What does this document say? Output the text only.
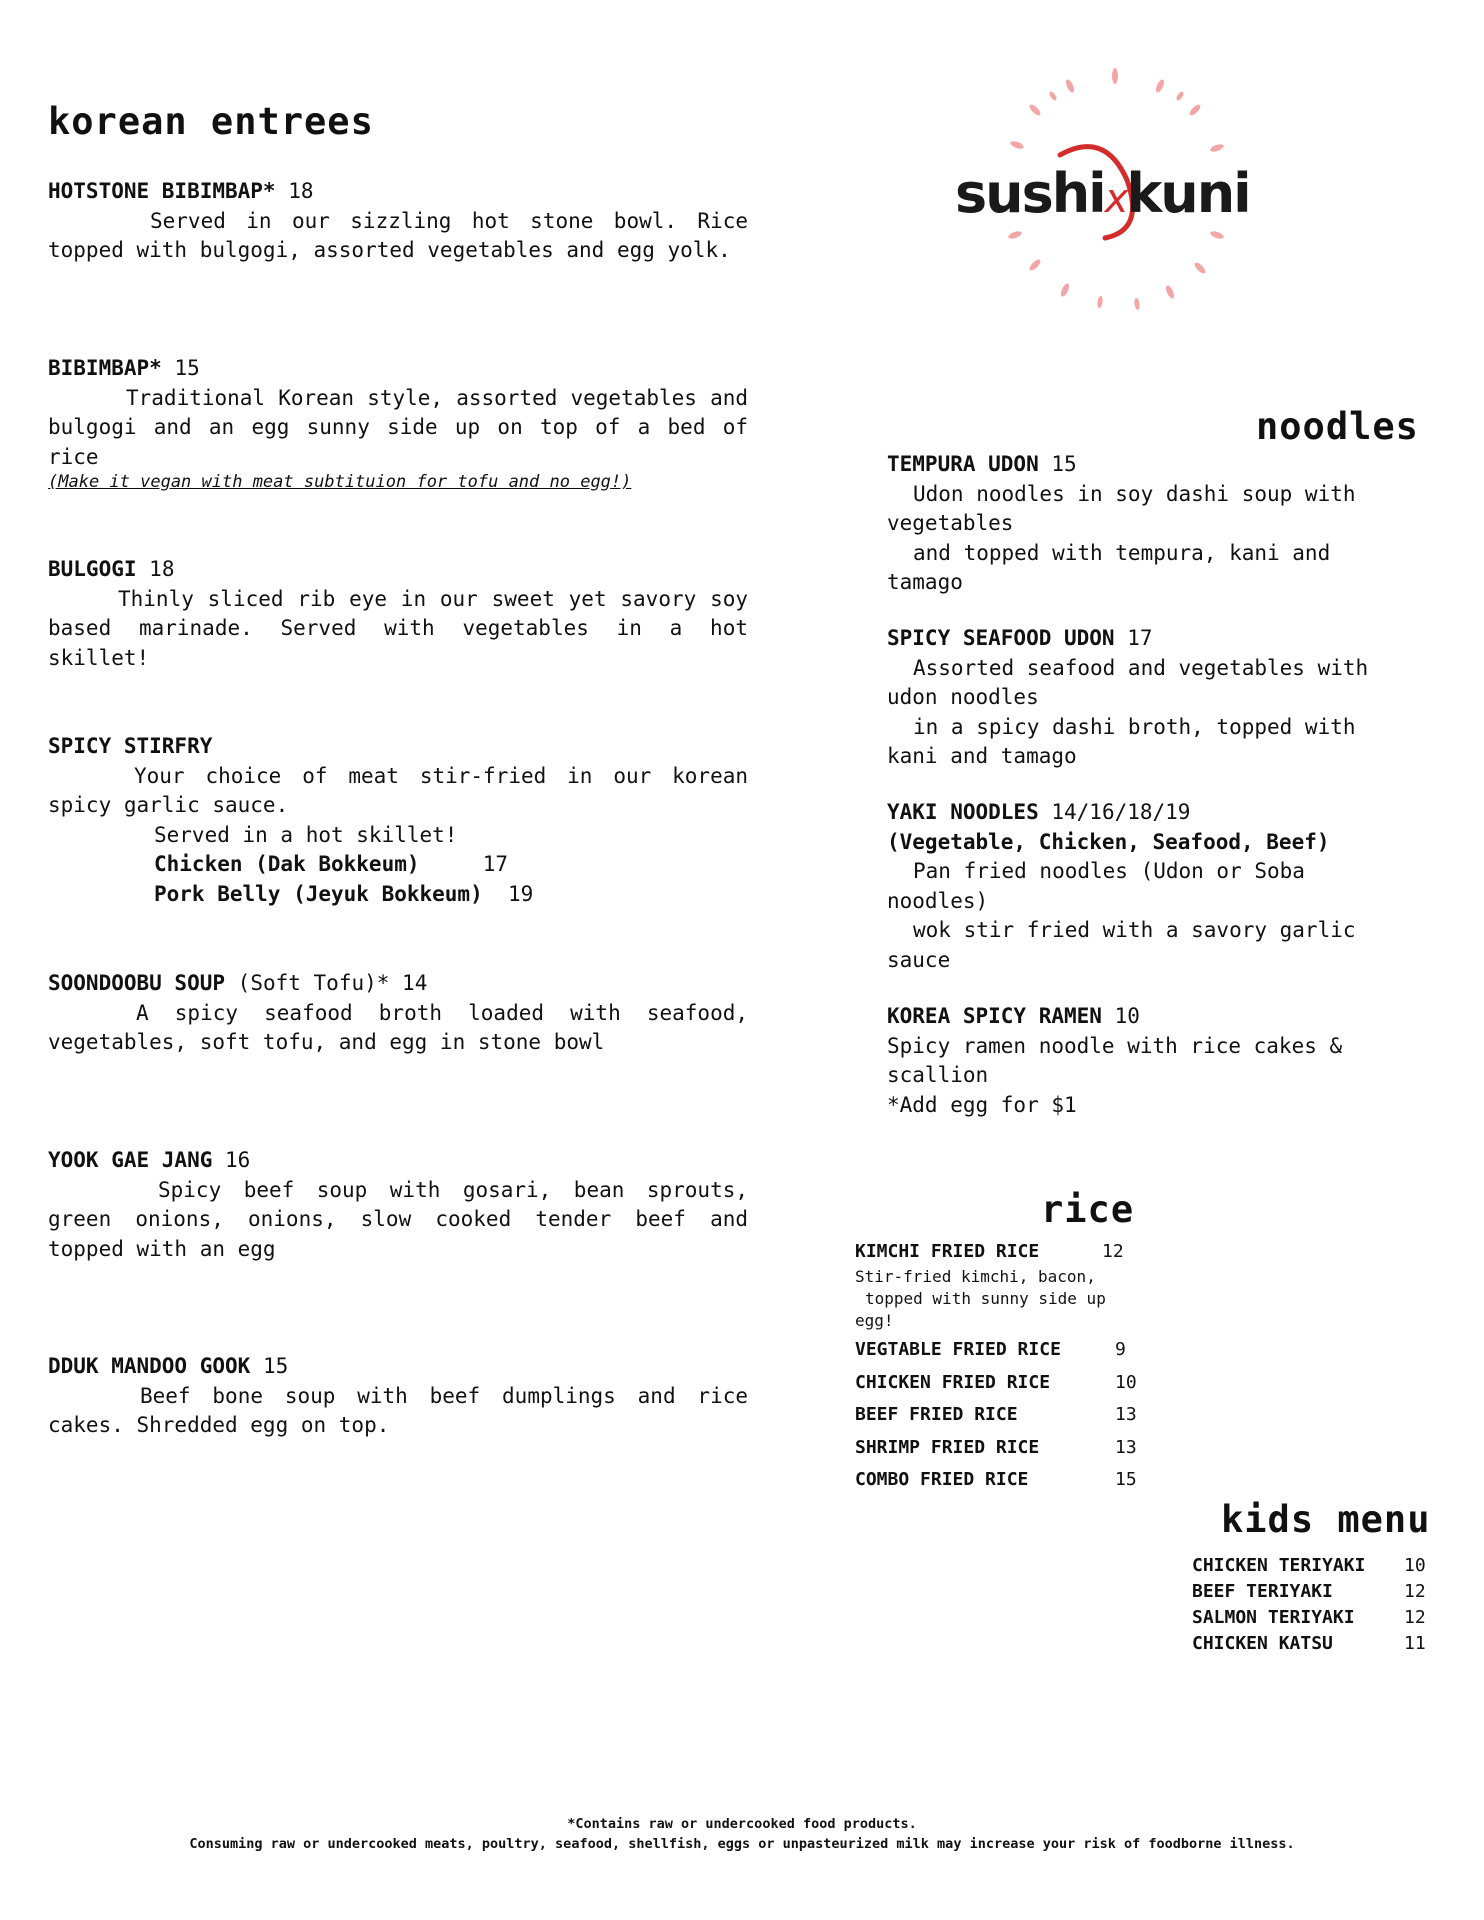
sushixkuni
korean entrees
HOTSTONE BIBIMBAP* 18

Served in our sizzling hot stone bowl. Rice topped with bulgogi, assorted vegetables and egg yolk.

BIBIMBAP* 15

Traditional Korean style, assorted vegetables and bulgogi and an egg sunny side up on top of a bed of rice

(Make it vegan with meat subtituion for tofu and no egg!)
BULGOGI 18

Thinly sliced rib eye in our sweet yet savory soy based marinade. Served with vegetables in a hot skillet!

SPICY STIRFRY

Your choice of meat stir-fried in our korean spicy garlic sauce.

Served in a hot skillet!
Chicken (Dak Bokkeum)	17
Pork Belly (Jeyuk Bokkeum) 19
SOONDOOBU SOUP (Soft Tofu)* 14

A spicy seafood broth loaded with seafood, vegetables, soft tofu, and egg in stone bowl

YOOK GAE JANG 16

Spicy beef soup with gosari, bean sprouts, green onions, onions, slow cooked tender beef and topped with an egg

DDUK MANDOO GOOK 15

Beef bone soup with beef dumplings and rice cakes. Shredded egg on top.

noodles
TEMPURA UDON 15
Udon noodles in soy dashi soup with
vegetables
and topped with tempura, kani and
tamago
SPICY SEAFOOD UDON 17
Assorted seafood and vegetables with
udon noodles
in a spicy dashi broth, topped with
kani and tamago
YAKI NOODLES 14/16/18/19
(Vegetable, Chicken, Seafood, Beef)
Pan fried noodles (Udon or Soba
noodles)
wok stir fried with a savory garlic
sauce
KOREA SPICY RAMEN 10
Spicy ramen noodle with rice cakes &
scallion
*Add egg for $1
rice
KIMCHI FRIED RICE	12
Stir-fried kimchi, bacon,
topped with sunny side up
egg!
VEGTABLE FRIED RICE	9
CHICKEN FRIED RICE	10
BEEF FRIED RICE	13
SHRIMP FRIED RICE	13
COMBO FRIED RICE	15
kids menu
CHICKEN TERIYAKI	10
BEEF TERIYAKI	12
SALMON TERIYAKI	12
CHICKEN KATSU	11
*Contains raw or undercooked food products.
Consuming raw or undercooked meats, poultry, seafood, shellfish, eggs or unpasteurized milk may increase your risk of foodborne illness.
